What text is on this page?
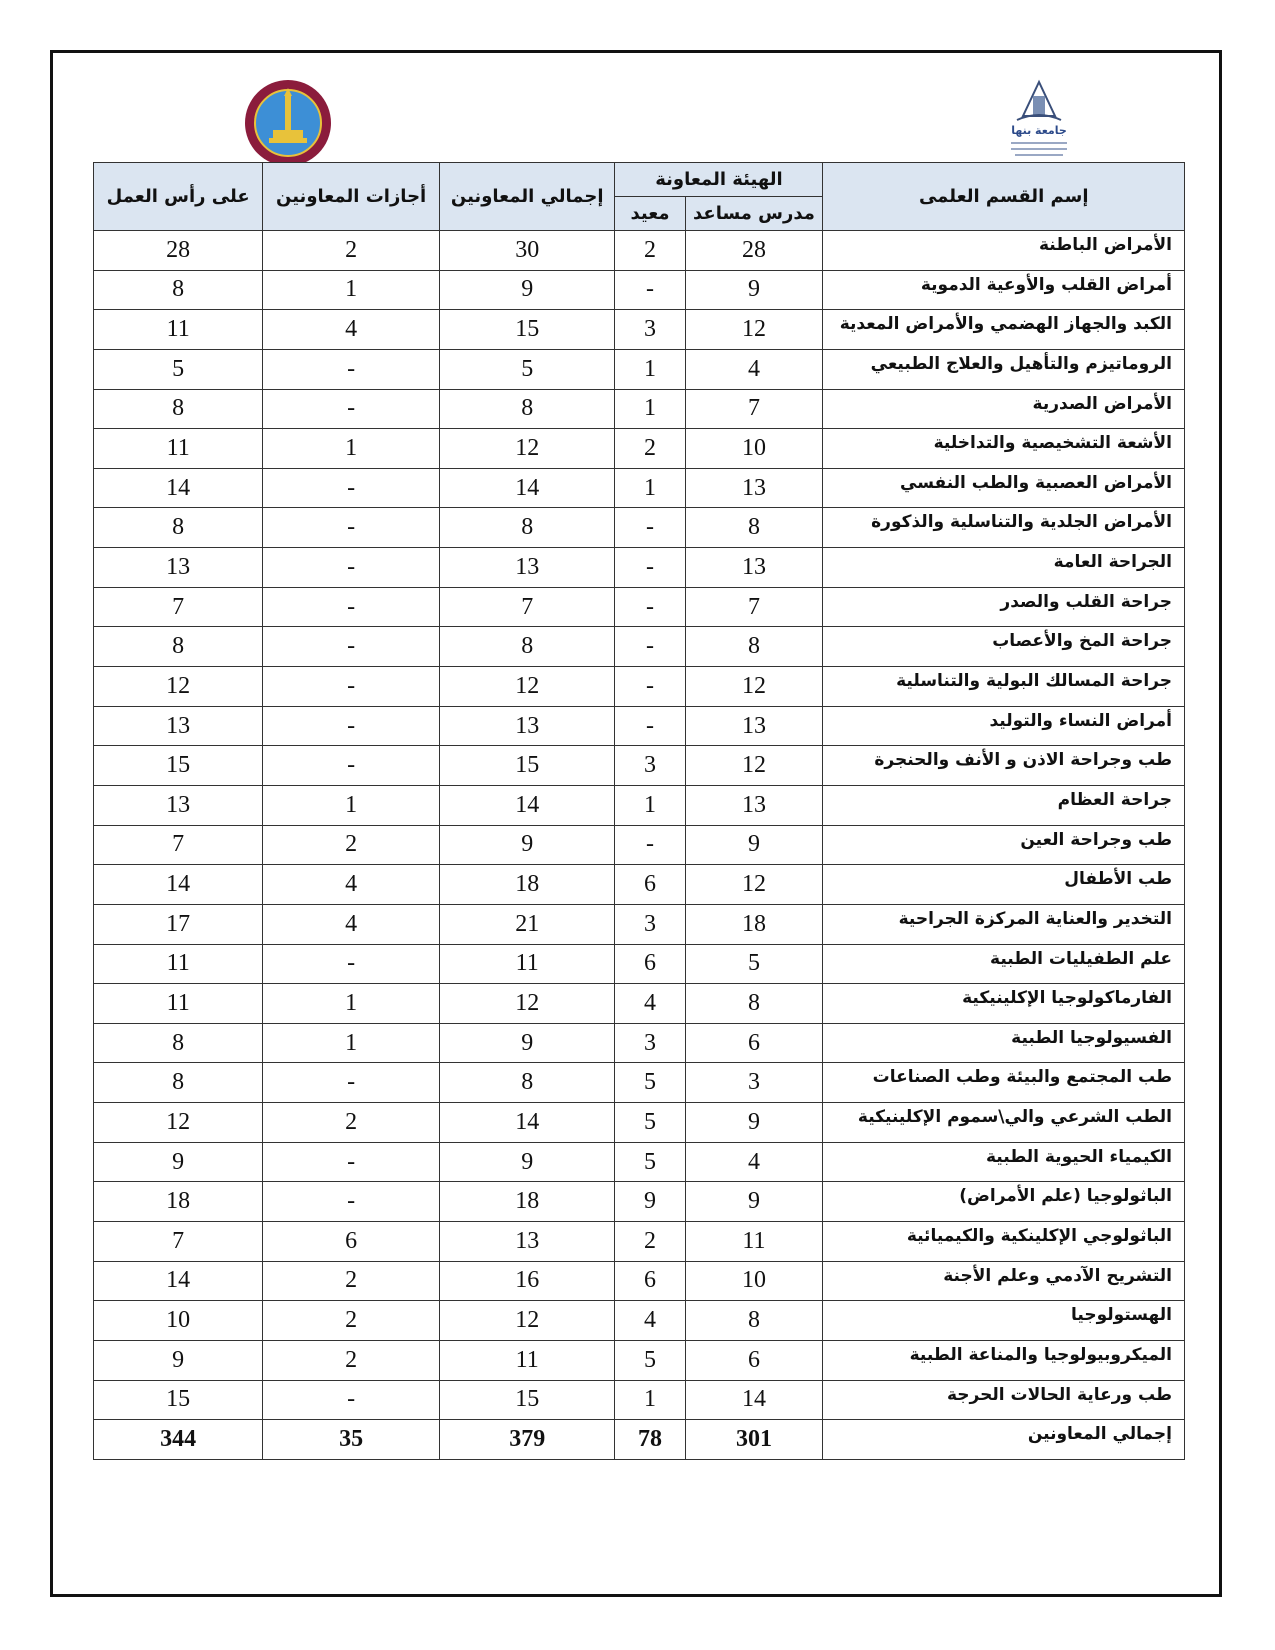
جامعة بنها
إسم القسم العلمى	الهيئة المعاونة		إجمالي المعاونين	أجازات المعاونين	على رأس العمل
	مدرس مساعد	معيد			
الأمراض الباطنة	28	2	30	2	28
أمراض القلب والأوعية الدموية	9	-	9	1	8
الكبد والجهاز الهضمي والأمراض المعدية	12	3	15	4	11
الروماتيزم والتأهيل والعلاج الطبيعي	4	1	5	-	5
الأمراض الصدرية	7	1	8	-	8
الأشعة التشخيصية والتداخلية	10	2	12	1	11
الأمراض العصبية والطب النفسي	13	1	14	-	14
الأمراض الجلدية والتناسلية والذكورة	8	-	8	-	8
الجراحة العامة	13	-	13	-	13
جراحة القلب والصدر	7	-	7	-	7
جراحة المخ والأعصاب	8	-	8	-	8
جراحة المسالك البولية والتناسلية	12	-	12	-	12
أمراض النساء والتوليد	13	-	13	-	13
طب وجراحة الاذن و الأنف والحنجرة	12	3	15	-	15
جراحة العظام	13	1	14	1	13
طب وجراحة العين	9	-	9	2	7
طب الأطفال	12	6	18	4	14
التخدير والعناية المركزة الجراحية	18	3	21	4	17
علم الطفيليات الطبية	5	6	11	-	11
الفارماكولوجيا الإكلينيكية	8	4	12	1	11
الفسيولوجيا الطبية	6	3	9	1	8
طب المجتمع والبيئة وطب الصناعات	3	5	8	-	8
الطب الشرعي والي\سموم الإكلينيكية	9	5	14	2	12
الكيمياء الحيوية الطبية	4	5	9	-	9
الباثولوجيا (علم الأمراض)	9	9	18	-	18
الباثولوجي الإكلينكية والكيميائية	11	2	13	6	7
التشريح الآدمي وعلم الأجنة	10	6	16	2	14
الهستولوجيا	8	4	12	2	10
الميكروبيولوجيا والمناعة الطبية	6	5	11	2	9
طب ورعاية الحالات الحرجة	14	1	15	-	15
إجمالي المعاونين	301	78	379	35	344
